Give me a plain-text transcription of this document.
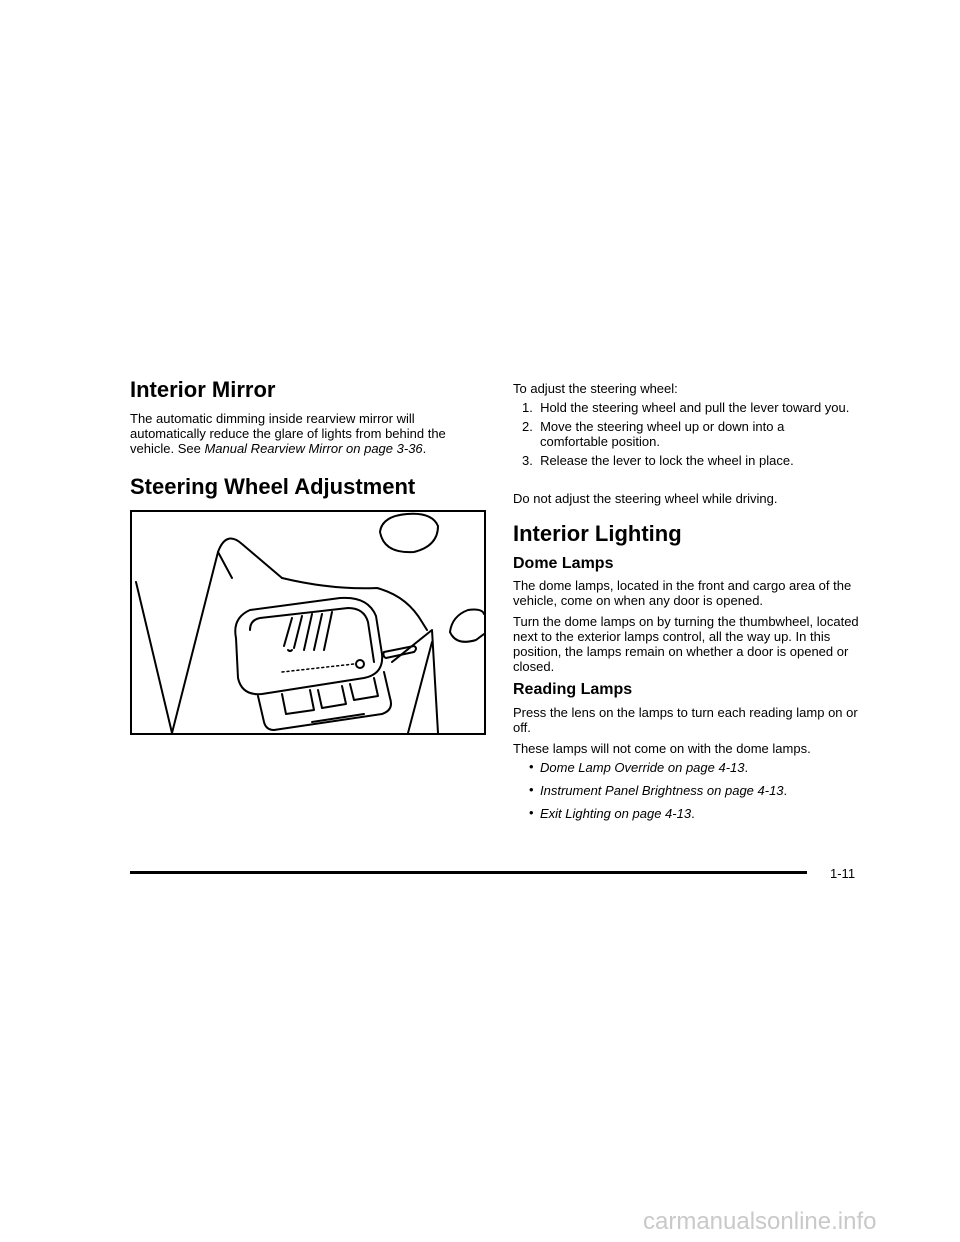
Interior Mirror

The automatic dimming inside rearview mirror will automatically reduce the glare of lights from behind the vehicle. See Manual Rearview Mirror on page 3-36.

Steering Wheel Adjustment

To adjust the steering wheel:

1.  Hold the steering wheel and pull the lever toward you.
2.  Move the steering wheel up or down into a comfortable position.
3.  Release the lever to lock the wheel in place.

Do not adjust the steering wheel while driving.

Interior Lighting
Dome Lamps

The dome lamps, located in the front and cargo area of the vehicle, come on when any door is opened.

Turn the dome lamps on by turning the thumbwheel, located next to the exterior lamps control, all the way up. In this position, the lamps remain on whether a door is opened or closed.

Reading Lamps

Press the lens on the lamps to turn each reading lamp on or off.

These lamps will not come on with the dome lamps.

• Dome Lamp Override on page 4-13.
• Instrument Panel Brightness on page 4-13.
• Exit Lighting on page 4-13.
1-11
carmanualsonline.info
